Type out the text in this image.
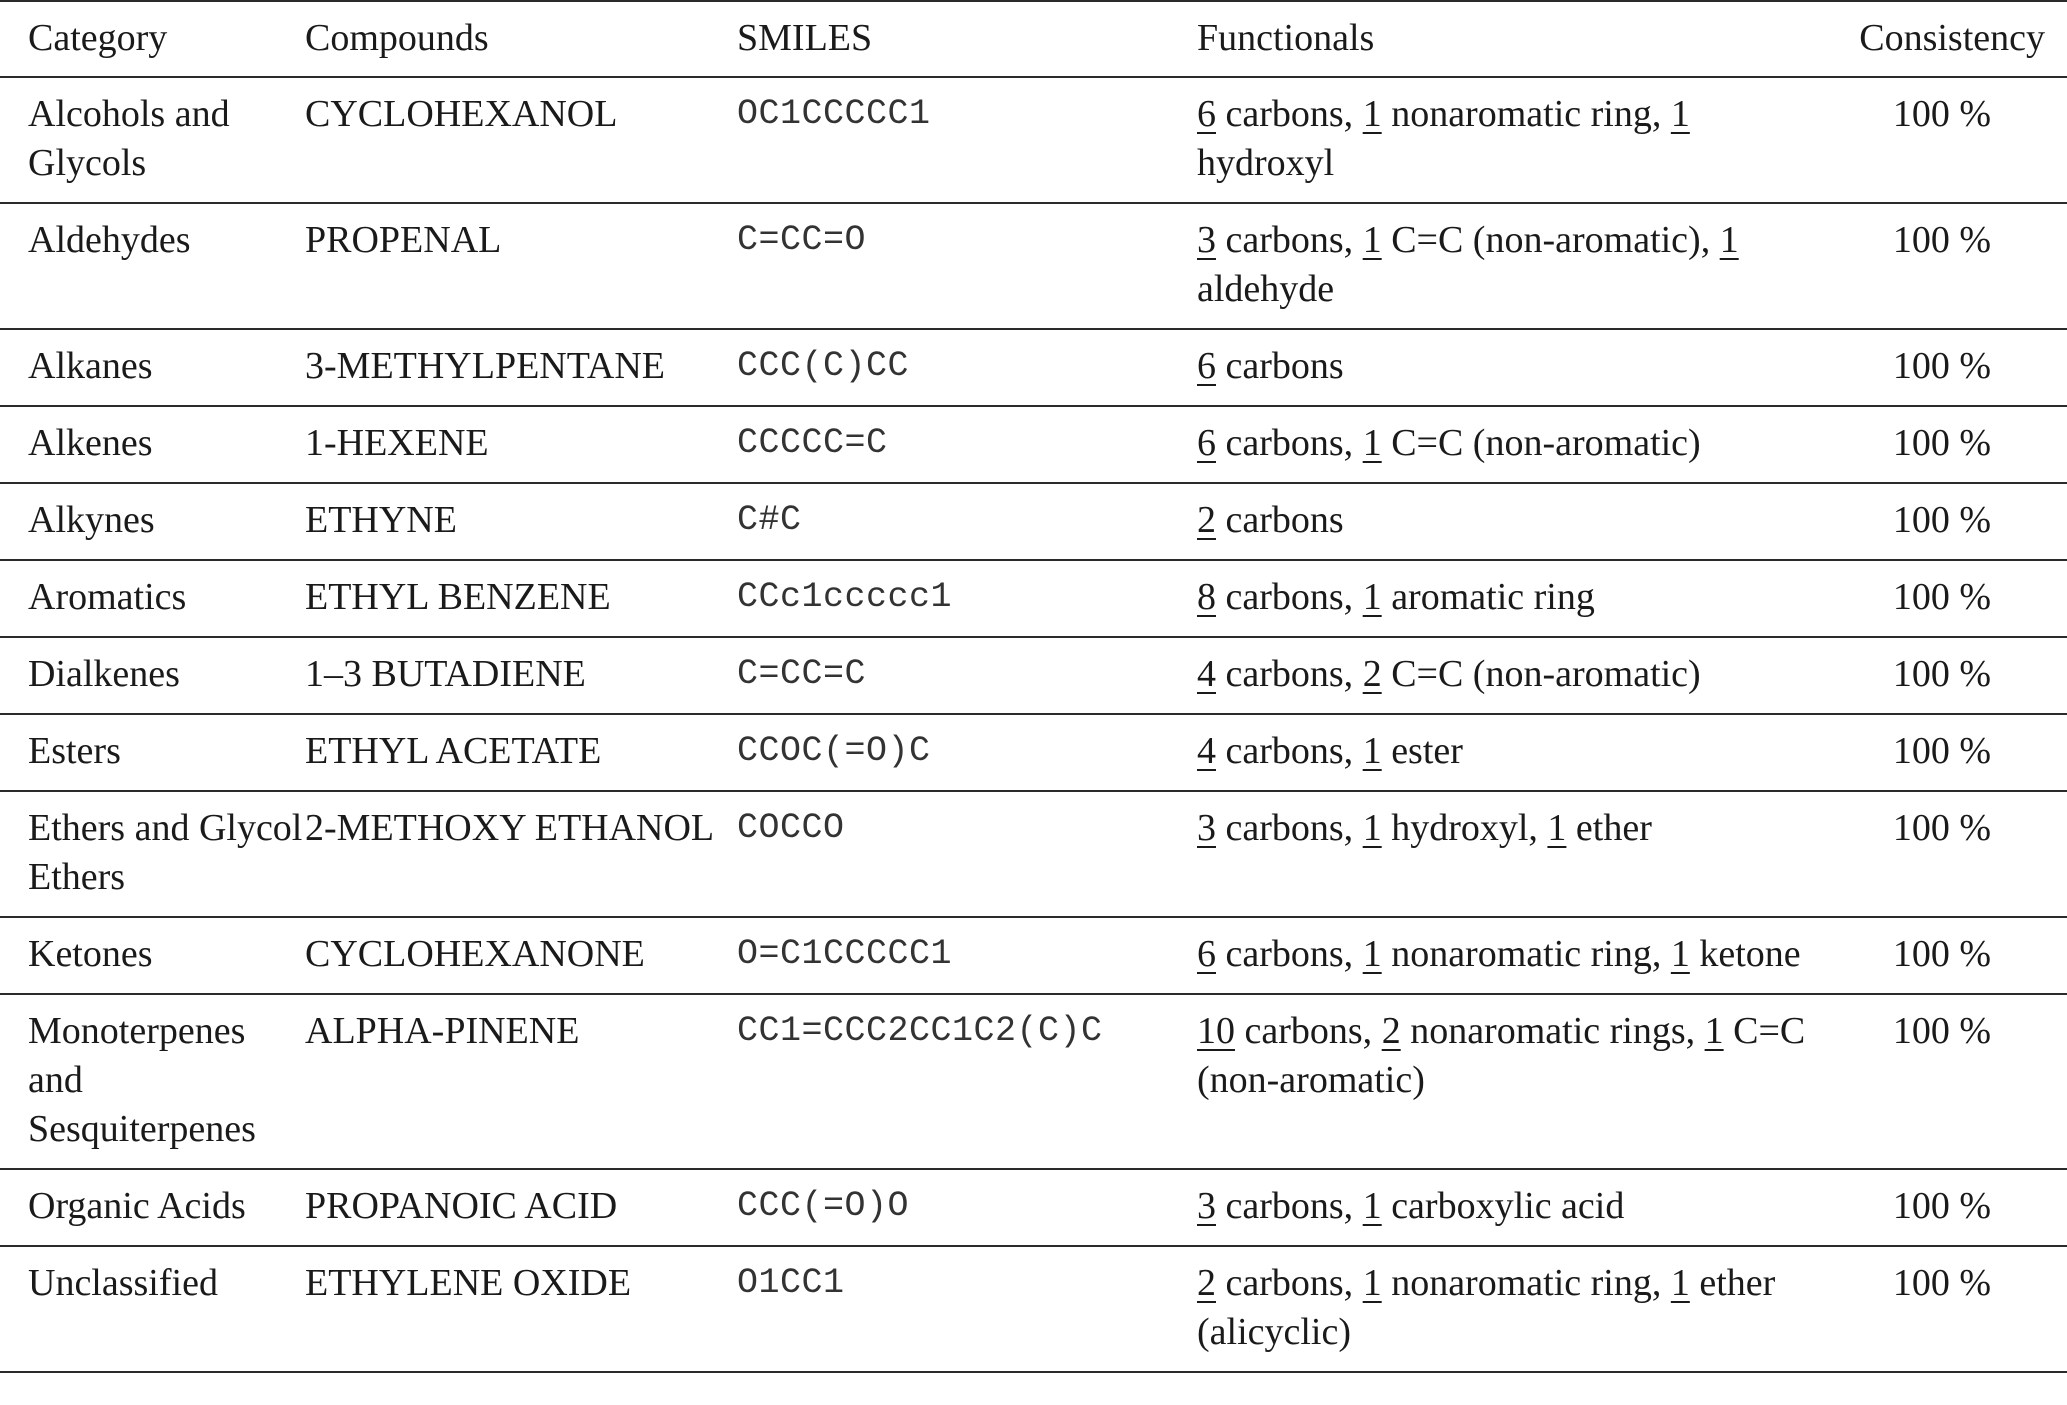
Category	Compounds	SMILES	Functionals	Consistency
Alcohols and Glycols	CYCLOHEXANOL	OC1CCCCC1	6 carbons, 1 nonaromatic ring, 1 hydroxyl	100 %
Aldehydes	PROPENAL	C=CC=O	3 carbons, 1 C=C (non-aromatic), 1 aldehyde	100 %
Alkanes	3-METHYLPENTANE	CCC(C)CC	6 carbons	100 %
Alkenes	1-HEXENE	CCCCC=C	6 carbons, 1 C=C (non-aromatic)	100 %
Alkynes	ETHYNE	C#C	2 carbons	100 %
Aromatics	ETHYL BENZENE	CCc1ccccc1	8 carbons, 1 aromatic ring	100 %
Dialkenes	1–3 BUTADIENE	C=CC=C	4 carbons, 2 C=C (non-aromatic)	100 %
Esters	ETHYL ACETATE	CCOC(=O)C	4 carbons, 1 ester	100 %
Ethers and Glycol Ethers	2-METHOXY ETHANOL	COCCO	3 carbons, 1 hydroxyl, 1 ether	100 %
Ketones	CYCLOHEXANONE	O=C1CCCCC1	6 carbons, 1 nonaromatic ring, 1 ketone	100 %
Monoterpenes and Sesquiterpenes	ALPHA-PINENE	CC1=CCC2CC1C2(C)C	10 carbons, 2 nonaromatic rings, 1 C=C (non-aromatic)	100 %
Organic Acids	PROPANOIC ACID	CCC(=O)O	3 carbons, 1 carboxylic acid	100 %
Unclassified	ETHYLENE OXIDE	O1CC1	2 carbons, 1 nonaromatic ring, 1 ether (alicyclic)	100 %
